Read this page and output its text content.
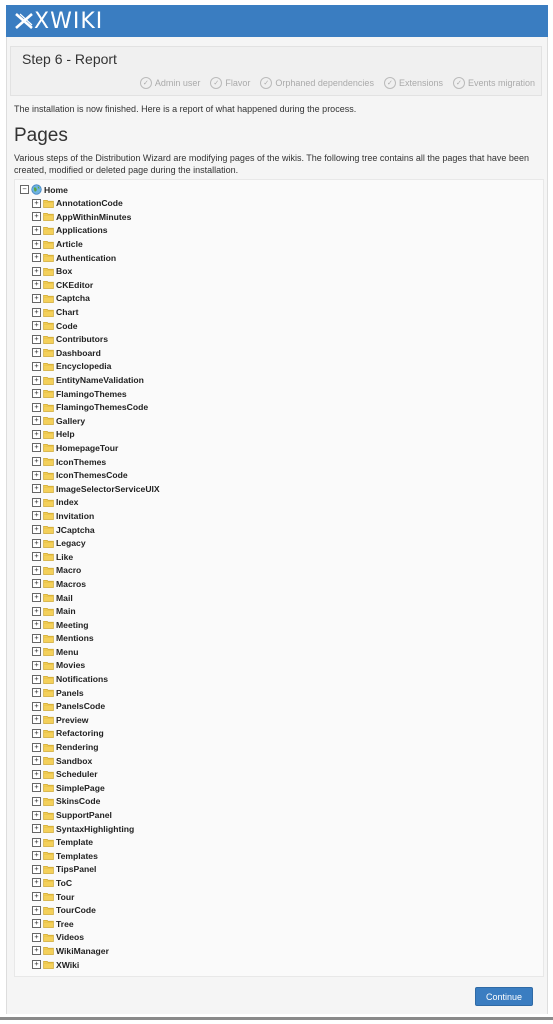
XWIKI
Step 6 - Report
✓ Admin user	✓ Flavor	✓ Orphaned dependencies	✓ Extensions	✓ Events migration
The installation is now finished. Here is a report of what happened during the process.
Pages
Various steps of the Distribution Wizard are modifying pages of the wikis. The following tree contains all the pages that have been created, modified or deleted page during the installation.
− Home
+ AnnotationCode
+ AppWithinMinutes
+ Applications
+ Article
+ Authentication
+ Box
+ CKEditor
+ Captcha
+ Chart
+ Code
+ Contributors
+ Dashboard
+ Encyclopedia
+ EntityNameValidation
+ FlamingoThemes
+ FlamingoThemesCode
+ Gallery
+ Help
+ HomepageTour
+ IconThemes
+ IconThemesCode
+ ImageSelectorServiceUIX
+ Index
+ Invitation
+ JCaptcha
+ Legacy
+ Like
+ Macro
+ Macros
+ Mail
+ Main
+ Meeting
+ Mentions
+ Menu
+ Movies
+ Notifications
+ Panels
+ PanelsCode
+ Preview
+ Refactoring
+ Rendering
+ Sandbox
+ Scheduler
+ SimplePage
+ SkinsCode
+ SupportPanel
+ SyntaxHighlighting
+ Template
+ Templates
+ TipsPanel
+ ToC
+ Tour
+ TourCode
+ Tree
+ Videos
+ WikiManager
+ XWiki
Continue
